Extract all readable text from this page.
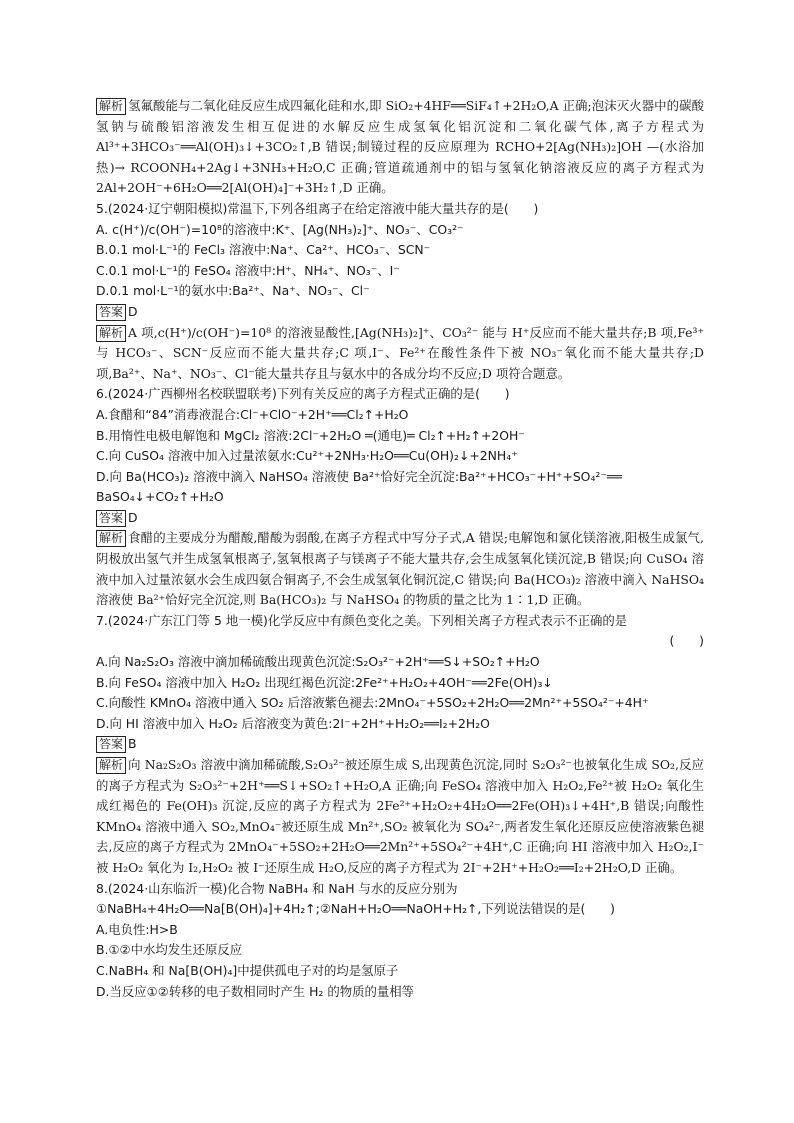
解析 氢氟酸能与二氧化硅反应生成四氟化硅和水,即 SiO₂+4HF══SiF₄↑+2H₂O,A 正确;泡沫灭火器中的碳酸氢钠与硫酸铝溶液发生相互促进的水解反应生成氢氧化铝沉淀和二氧化碳气体,离子方程式为 Al³⁺+3HCO₃⁻══Al(OH)₃↓+3CO₂↑,B 错误;制镜过程的反应原理为 RCHO+2[Ag(NH₃)₂]OH —(水浴加热)→ RCOONH₄+2Ag↓+3NH₃+H₂O,C 正确;管道疏通剂中的铝与氢氧化钠溶液反应的离子方程式为 2Al+2OH⁻+6H₂O══2[Al(OH)₄]⁻+3H₂↑,D 正确。

5.(2024·辽宁朝阳模拟)常温下,下列各组离子在给定溶液中能大量共存的是(　　)

A. c(H⁺)/c(OH⁻)=10⁸的溶液中:K⁺、[Ag(NH₃)₂]⁺、NO₃⁻、CO₃²⁻

B.0.1 mol·L⁻¹的 FeCl₃ 溶液中:Na⁺、Ca²⁺、HCO₃⁻、SCN⁻

C.0.1 mol·L⁻¹的 FeSO₄ 溶液中:H⁺、NH₄⁺、NO₃⁻、I⁻

D.0.1 mol·L⁻¹的氨水中:Ba²⁺、Na⁺、NO₃⁻、Cl⁻

答案 D

解析 A 项,c(H⁺)/c(OH⁻)=10⁸ 的溶液显酸性,[Ag(NH₃)₂]⁺、CO₃²⁻ 能与 H⁺反应而不能大量共存;B 项,Fe³⁺与 HCO₃⁻、SCN⁻反应而不能大量共存;C 项,I⁻、Fe²⁺在酸性条件下被 NO₃⁻氧化而不能大量共存;D 项,Ba²⁺、Na⁺、NO₃⁻、Cl⁻能大量共存且与氨水中的各成分均不反应;D 项符合题意。

6.(2024·广西柳州名校联盟联考)下列有关反应的离子方程式正确的是(　　)

A.食醋和“84”消毒液混合:Cl⁻+ClO⁻+2H⁺══Cl₂↑+H₂O

B.用惰性电极电解饱和 MgCl₂ 溶液:2Cl⁻+2H₂O ═(通电)═ Cl₂↑+H₂↑+2OH⁻

C.向 CuSO₄ 溶液中加入过量浓氨水:Cu²⁺+2NH₃·H₂O══Cu(OH)₂↓+2NH₄⁺

D.向 Ba(HCO₃)₂ 溶液中滴入 NaHSO₄ 溶液使 Ba²⁺恰好完全沉淀:Ba²⁺+HCO₃⁻+H⁺+SO₄²⁻══

BaSO₄↓+CO₂↑+H₂O

答案 D

解析 食醋的主要成分为醋酸,醋酸为弱酸,在离子方程式中写分子式,A 错误;电解饱和氯化镁溶液,阳极生成氯气,阴极放出氢气并生成氢氧根离子,氢氧根离子与镁离子不能大量共存,会生成氢氧化镁沉淀,B 错误;向 CuSO₄ 溶液中加入过量浓氨水会生成四氨合铜离子,不会生成氢氧化铜沉淀,C 错误;向 Ba(HCO₃)₂ 溶液中滴入 NaHSO₄ 溶液使 Ba²⁺恰好完全沉淀,则 Ba(HCO₃)₂ 与 NaHSO₄ 的物质的量之比为 1∶1,D 正确。

7.(2024·广东江门等 5 地一模)化学反应中有颜色变化之美。下列相关离子方程式表示不正确的是

(　　)

A.向 Na₂S₂O₃ 溶液中滴加稀硫酸出现黄色沉淀:S₂O₃²⁻+2H⁺══S↓+SO₂↑+H₂O

B.向 FeSO₄ 溶液中加入 H₂O₂ 出现红褐色沉淀:2Fe²⁺+H₂O₂+4OH⁻══2Fe(OH)₃↓

C.向酸性 KMnO₄ 溶液中通入 SO₂ 后溶液紫色褪去:2MnO₄⁻+5SO₂+2H₂O══2Mn²⁺+5SO₄²⁻+4H⁺

D.向 HI 溶液中加入 H₂O₂ 后溶液变为黄色:2I⁻+2H⁺+H₂O₂══I₂+2H₂O

答案 B

解析 向 Na₂S₂O₃ 溶液中滴加稀硫酸,S₂O₃²⁻被还原生成 S,出现黄色沉淀,同时 S₂O₃²⁻也被氧化生成 SO₂,反应的离子方程式为 S₂O₃²⁻+2H⁺══S↓+SO₂↑+H₂O,A 正确;向 FeSO₄ 溶液中加入 H₂O₂,Fe²⁺被 H₂O₂ 氧化生成红褐色的 Fe(OH)₃ 沉淀,反应的离子方程式为 2Fe²⁺+H₂O₂+4H₂O══2Fe(OH)₃↓+4H⁺,B 错误;向酸性 KMnO₄ 溶液中通入 SO₂,MnO₄⁻被还原生成 Mn²⁺,SO₂ 被氧化为 SO₄²⁻,两者发生氧化还原反应使溶液紫色褪去,反应的离子方程式为 2MnO₄⁻+5SO₂+2H₂O══2Mn²⁺+5SO₄²⁻+4H⁺,C 正确;向 HI 溶液中加入 H₂O₂,I⁻被 H₂O₂ 氧化为 I₂,H₂O₂ 被 I⁻还原生成 H₂O,反应的离子方程式为 2I⁻+2H⁺+H₂O₂══I₂+2H₂O,D 正确。

8.(2024·山东临沂一模)化合物 NaBH₄ 和 NaH 与水的反应分别为①NaBH₄+4H₂O══Na[B(OH)₄]+4H₂↑;②NaH+H₂O══NaOH+H₂↑,下列说法错误的是(　　)

A.电负性:H>B

B.①②中水均发生还原反应

C.NaBH₄ 和 Na[B(OH)₄]中提供孤电子对的均是氢原子

D.当反应①②转移的电子数相同时产生 H₂ 的物质的量相等
